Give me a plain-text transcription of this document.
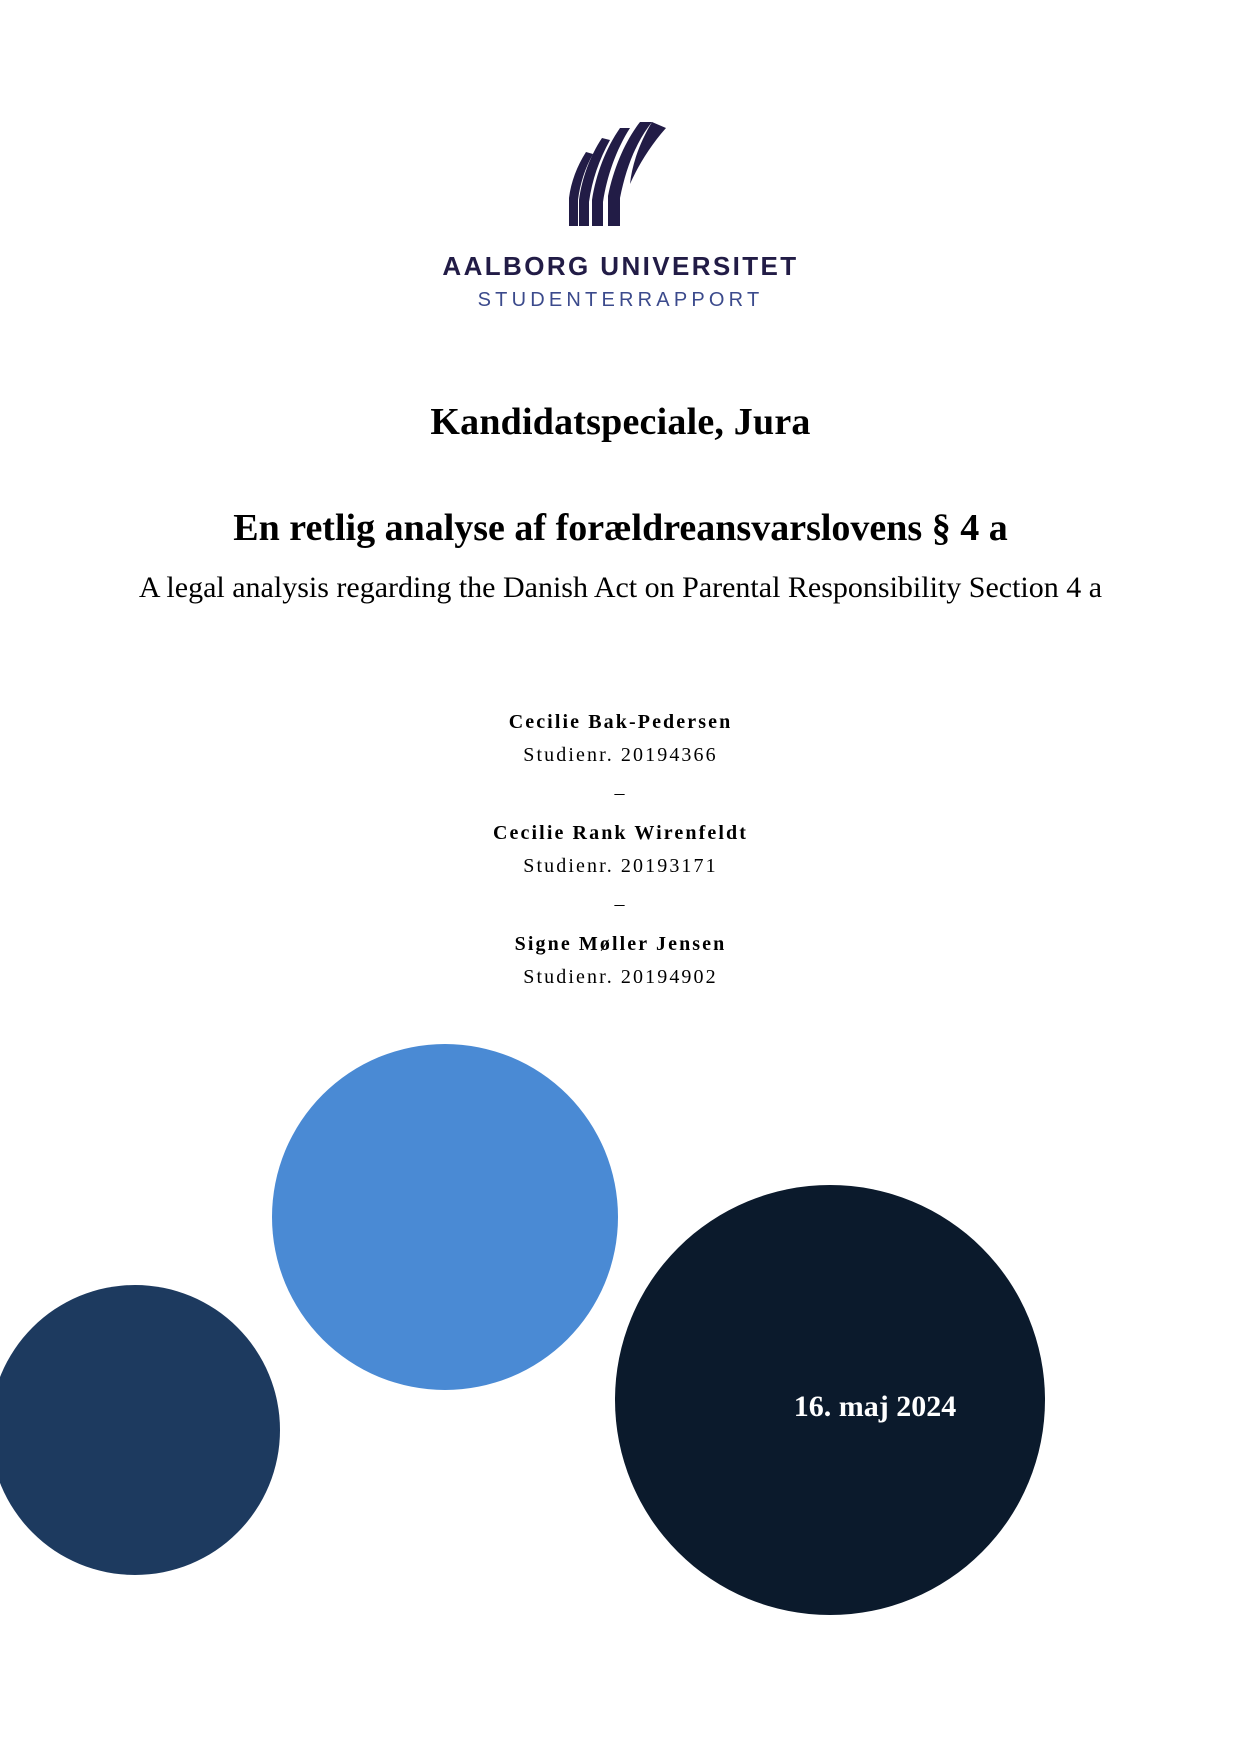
AALBORG UNIVERSITET
STUDENTERRAPPORT
Kandidatspeciale, Jura
En retlig analyse af forældreansvarslovens § 4 a
A legal analysis regarding the Danish Act on Parental Responsibility Section 4 a
Cecilie Bak-Pedersen
Studienr. 20194366
–
Cecilie Rank Wirenfeldt
Studienr. 20193171
–
Signe Møller Jensen
Studienr. 20194902
16. maj 2024
